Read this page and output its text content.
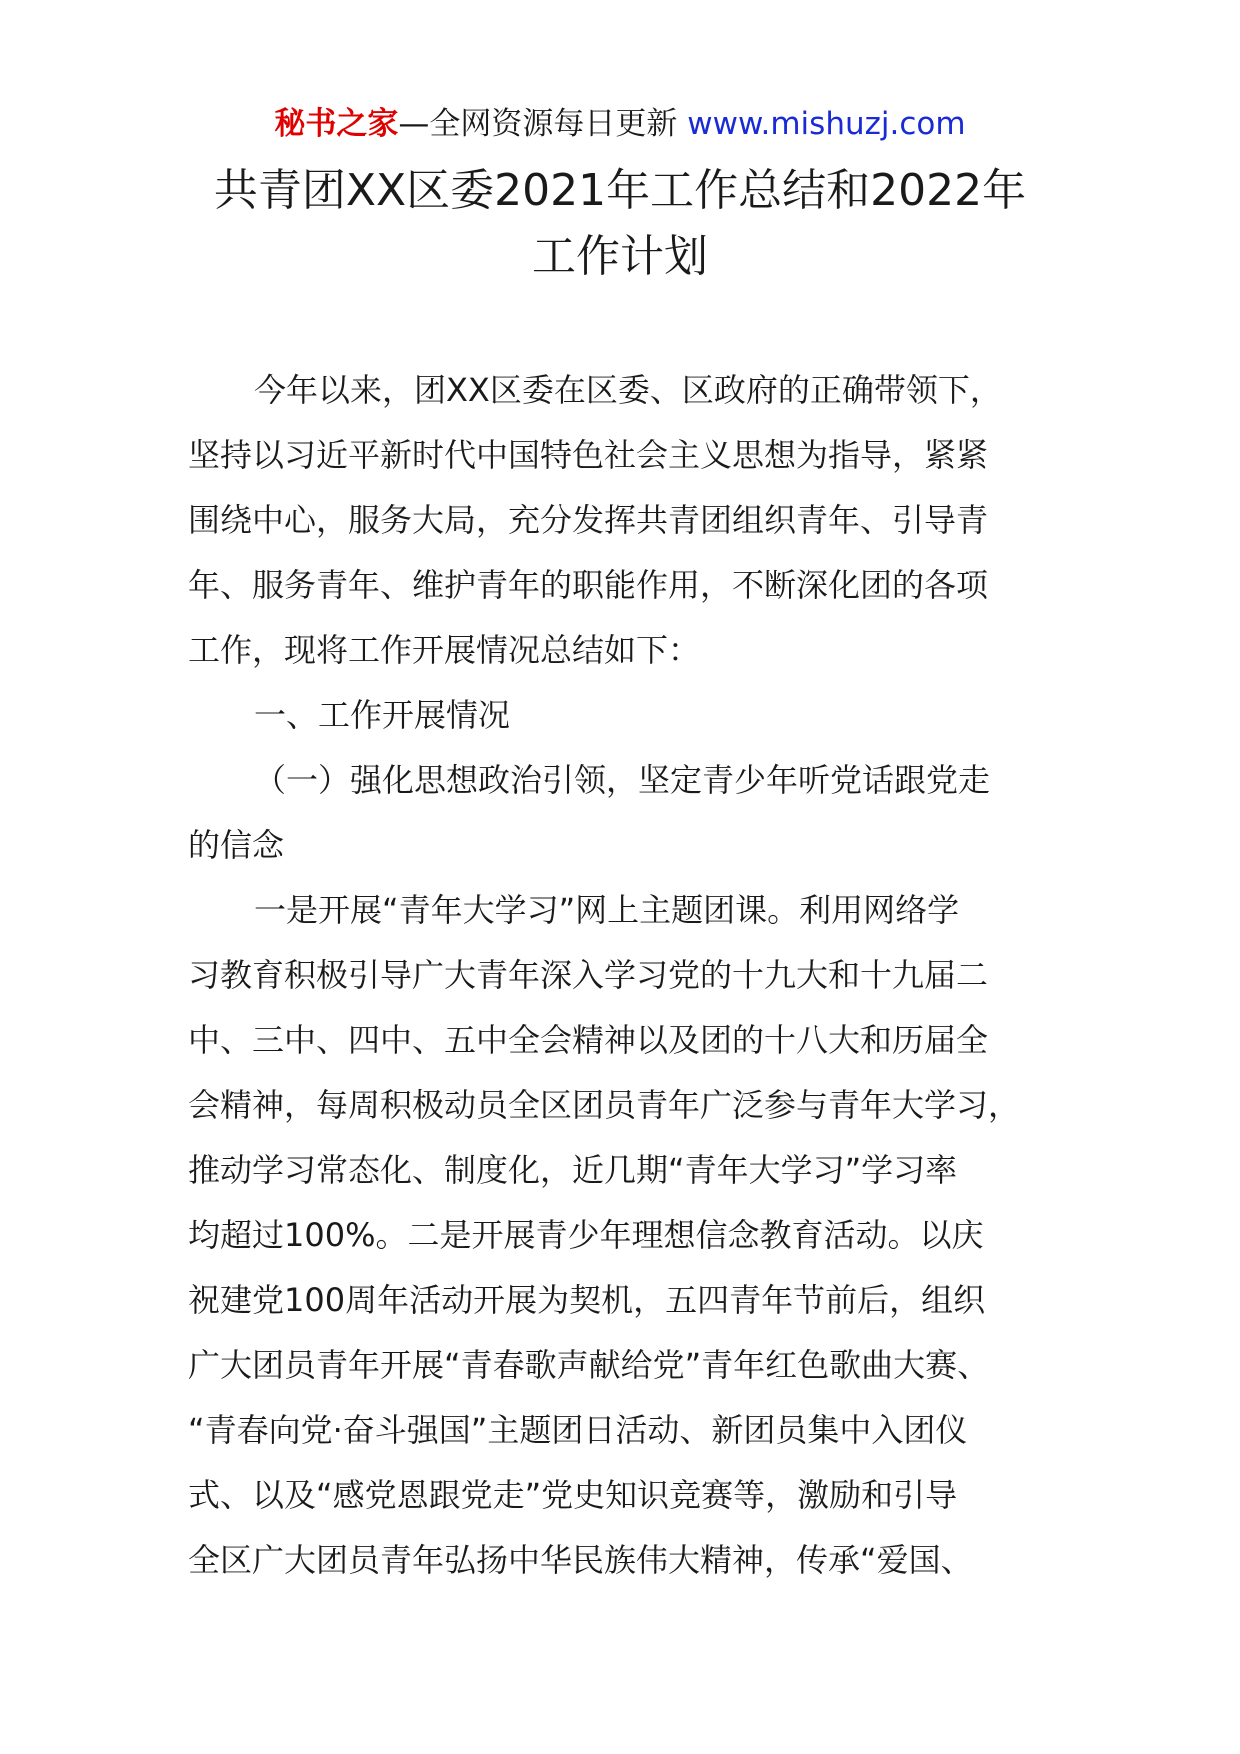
秘书之家—全网资源每日更新 www.mishuzj.com
共青团XX区委2021年工作总结和2022年
工作计划
今年以来，团XX区委在区委、区政府的正确带领下，
坚持以习近平新时代中国特色社会主义思想为指导，紧紧
围绕中心，服务大局，充分发挥共青团组织青年、引导青
年、服务青年、维护青年的职能作用，不断深化团的各项
工作，现将工作开展情况总结如下：
一、工作开展情况
（一）强化思想政治引领，坚定青少年听党话跟党走
的信念
一是开展“青年大学习”网上主题团课。利用网络学
习教育积极引导广大青年深入学习党的十九大和十九届二
中、三中、四中、五中全会精神以及团的十八大和历届全
会精神，每周积极动员全区团员青年广泛参与青年大学习，
推动学习常态化、制度化，近几期“青年大学习”学习率
均超过100%。二是开展青少年理想信念教育活动。以庆
祝建党100周年活动开展为契机，五四青年节前后，组织
广大团员青年开展“青春歌声献给党”青年红色歌曲大赛、
“青春向党·奋斗强国”主题团日活动、新团员集中入团仪
式、以及“感党恩跟党走”党史知识竞赛等，激励和引导
全区广大团员青年弘扬中华民族伟大精神，传承“爱国、
